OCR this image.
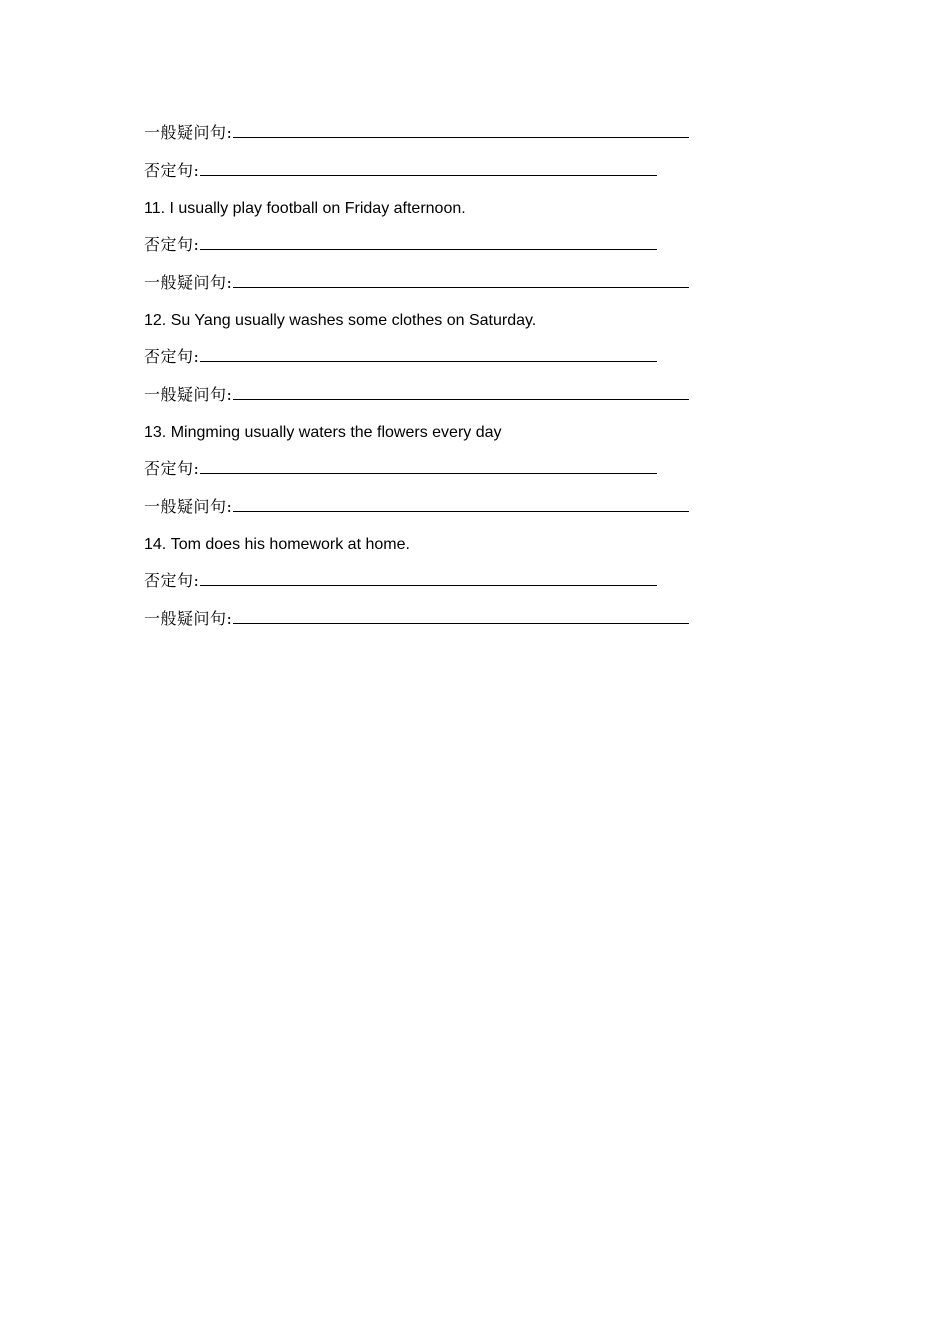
一般疑问句:
否定句:
11.
I usually play football on Friday afternoon.
否定句:
一般疑问句:
12.
Su Yang usually washes some clothes on Saturday.
否定句:
一般疑问句:
13.
Mingming usually waters the flowers every day
否定句:
一般疑问句:
14.
Tom does his homework at home.
否定句:
一般疑问句:
